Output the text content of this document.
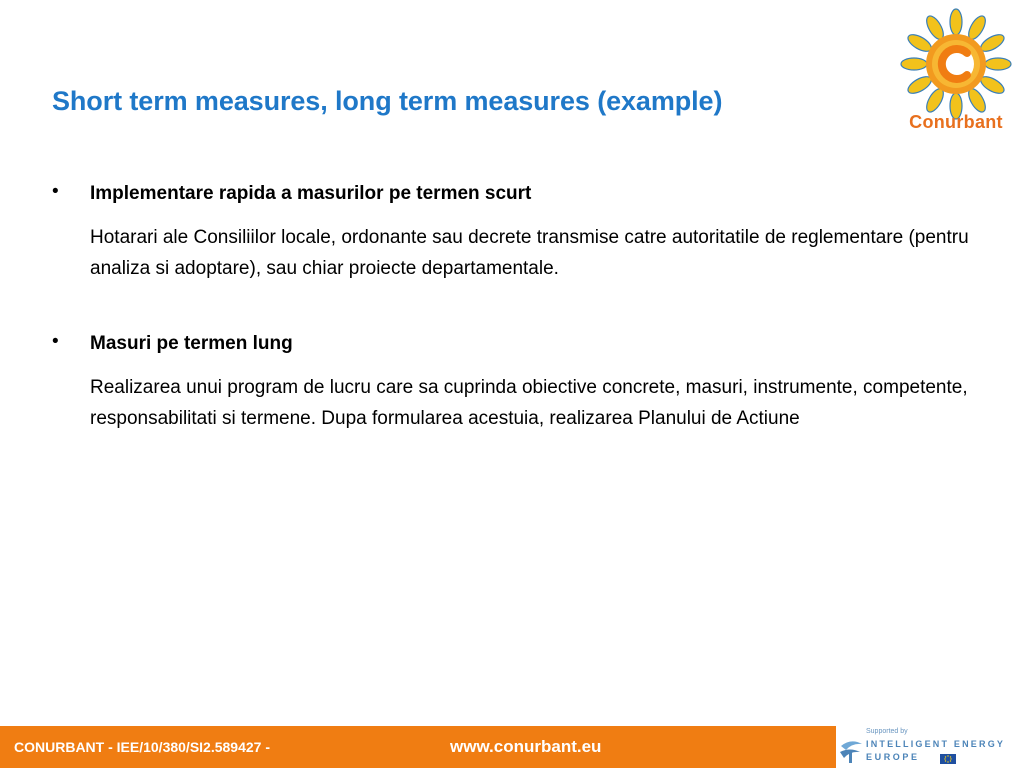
Short term measures, long term measures (example)
Conurbant
• Implementare rapida a masurilor pe termen scurt
Hotarari ale Consiliilor locale, ordonante sau decrete transmise catre autoritatile de reglementare (pentru analiza si adoptare), sau chiar proiecte departamentale.
• Masuri pe termen lung
Realizarea unui program de lucru care sa cuprinda obiective concrete, masuri, instrumente, competente, responsabilitati si termene. Dupa formularea acestuia, realizarea Planului de Actiune
CONURBANT - IEE/10/380/SI2.589427 -	www.conurbant.eu
Supported by
INTELLIGENT ENERGY
EUROPE
